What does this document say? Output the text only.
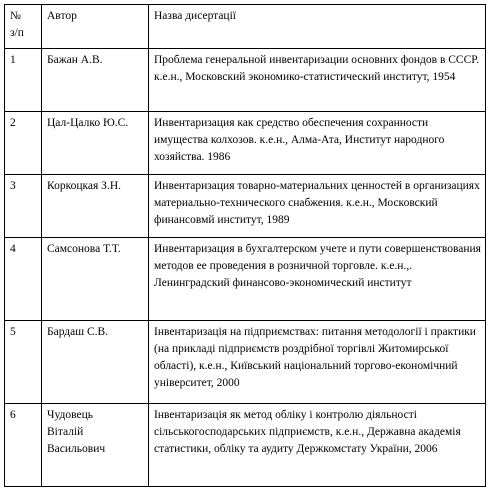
№
з/п	Автор	Назва дисертації
1	Бажан А.В.	Проблема генеральной инвентаризации основних фондов в СССР. к.е.н., Московский экономико-статистический институт, 1954
2	Цал-Цалко Ю.С.	Инвентаризация как средство обеспечения сохранности имущества колхозов. к.е.н., Алма-Ата, Институт народного хозяйства. 1986
3	Коркоцкая З.Н.	Инвентаризация товарно-материальних ценностей в организациях материально-технического снабжения. к.е.н., Московский финансовмй институт, 1989
4	Самсонова Т.Т.	Инвентаризация в бухгалтерском учете и пути совершенствования методов ее проведения в розничной торговле. к.е.н.,. Ленинградский финансово-экономический институт
5	Бардаш С.В.	Інвентаризація на підприємствах: питання методології і практики (на прикладі підприємств роздрібної торгівлі Житомирської області), к.е.н., Київський національний торгово-економічний університет, 2000
6	Чудовець
Віталій
Васильович	Інвентаризація як метод обліку і контролю діяльності сільськогосподарських підприємств, к.е.н., Державна академія статистики, обліку та аудиту Держкомстату України, 2006
